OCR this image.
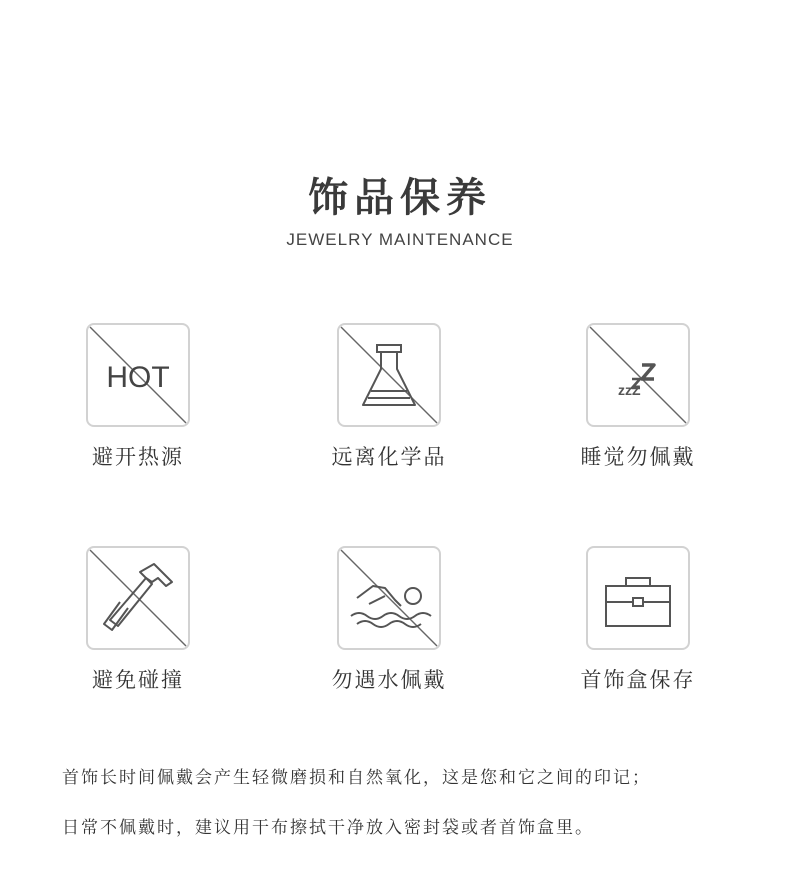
饰品保养
JEWELRY MAINTENANCE
HOT
避开热源	远离化学品
zzZ
睡觉勿佩戴
避免碰撞	勿遇水佩戴	首饰盒保存
首饰长时间佩戴会产生轻微磨损和自然氧化，这是您和它之间的印记；
日常不佩戴时，建议用干布擦拭干净放入密封袋或者首饰盒里。
